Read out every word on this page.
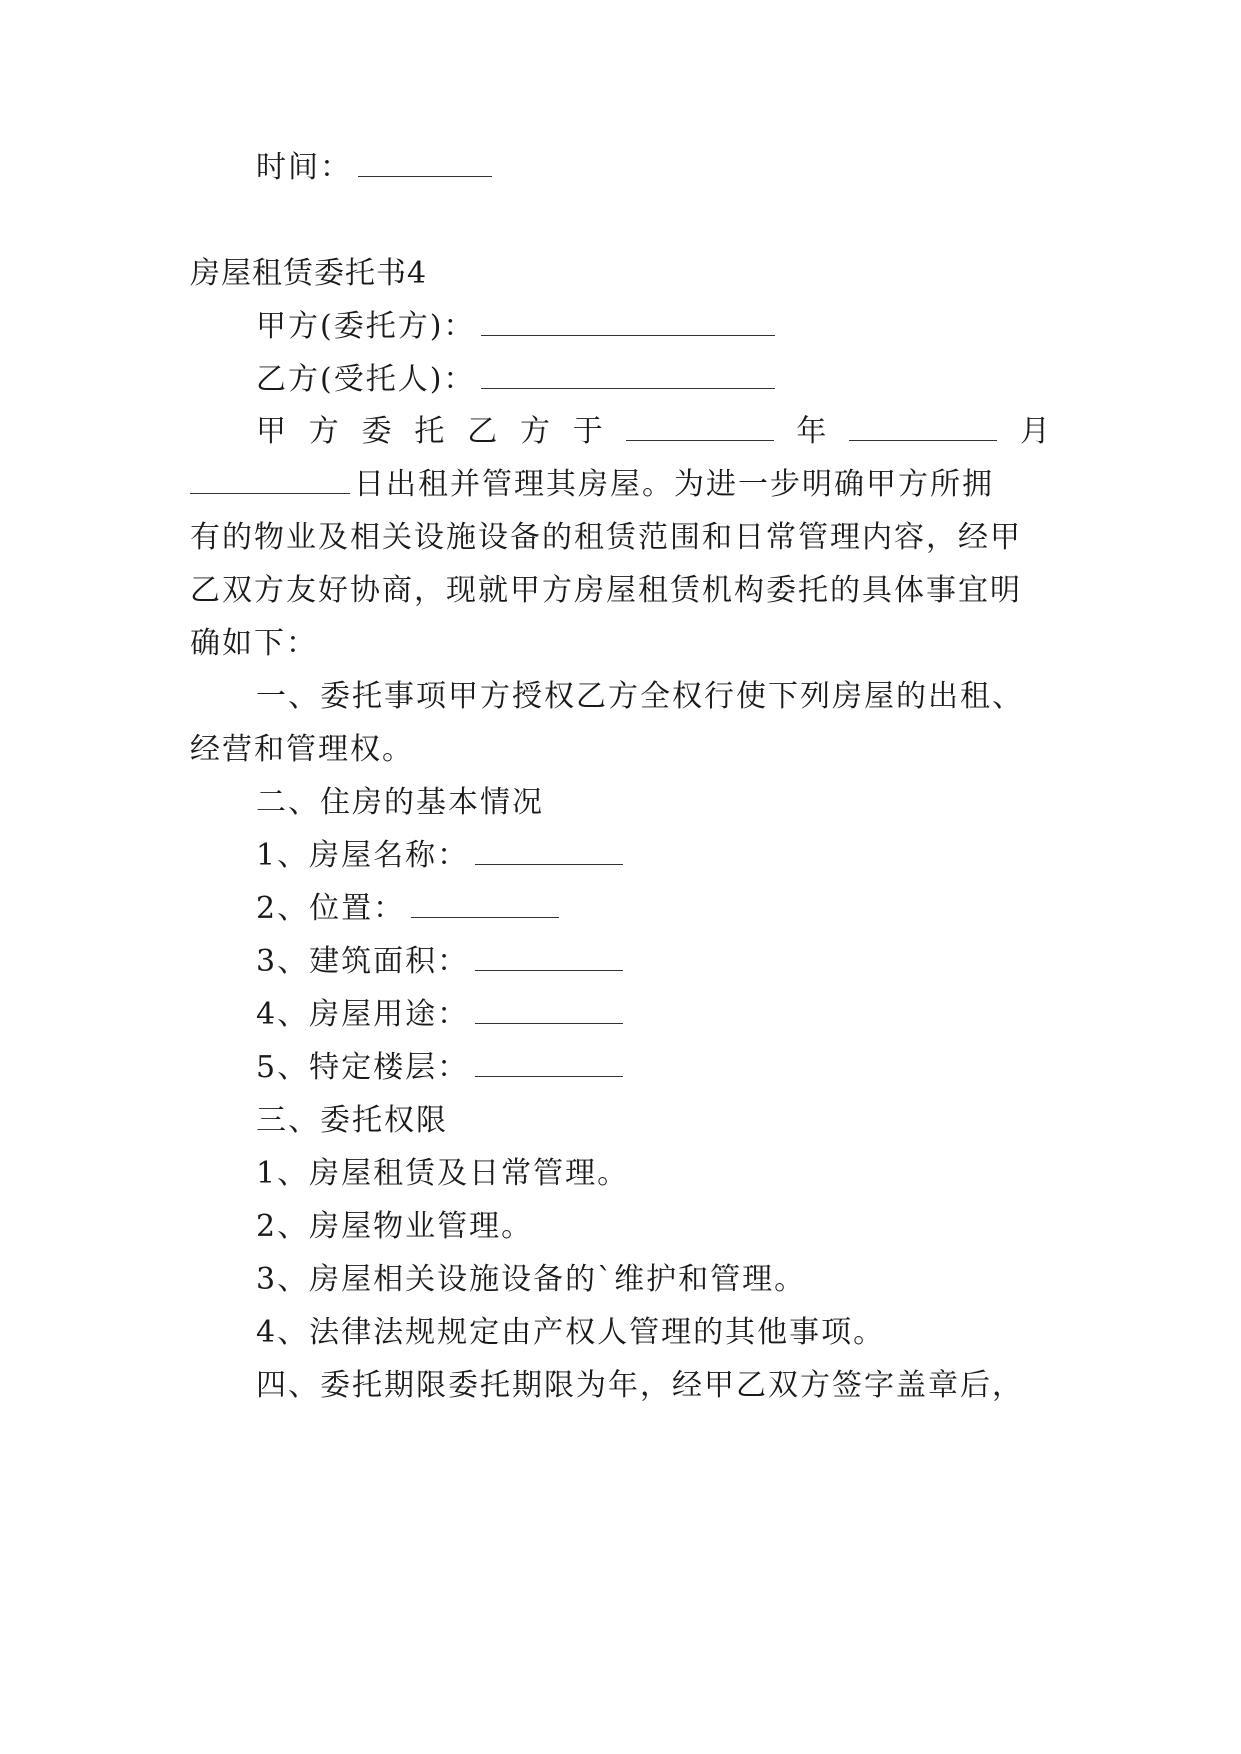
时间：
房屋租赁委托书4
甲方(委托方)：
乙方(受托人)：
甲 方 委 托 乙 方 于	年	月
日出租并管理其房屋。为进一步明确甲方所拥
有的物业及相关设施设备的租赁范围和日常管理内容，经甲
乙双方友好协商，现就甲方房屋租赁机构委托的具体事宜明
确如下：
一、委托事项甲方授权乙方全权行使下列房屋的出租、
经营和管理权。
二、住房的基本情况
1、房屋名称：
2、位置：
3、建筑面积：
4、房屋用途：
5、特定楼层：
三、委托权限
1、房屋租赁及日常管理。
2、房屋物业管理。
3、房屋相关设施设备的`维护和管理。
4、法律法规规定由产权人管理的其他事项。
四、委托期限委托期限为年，经甲乙双方签字盖章后，
